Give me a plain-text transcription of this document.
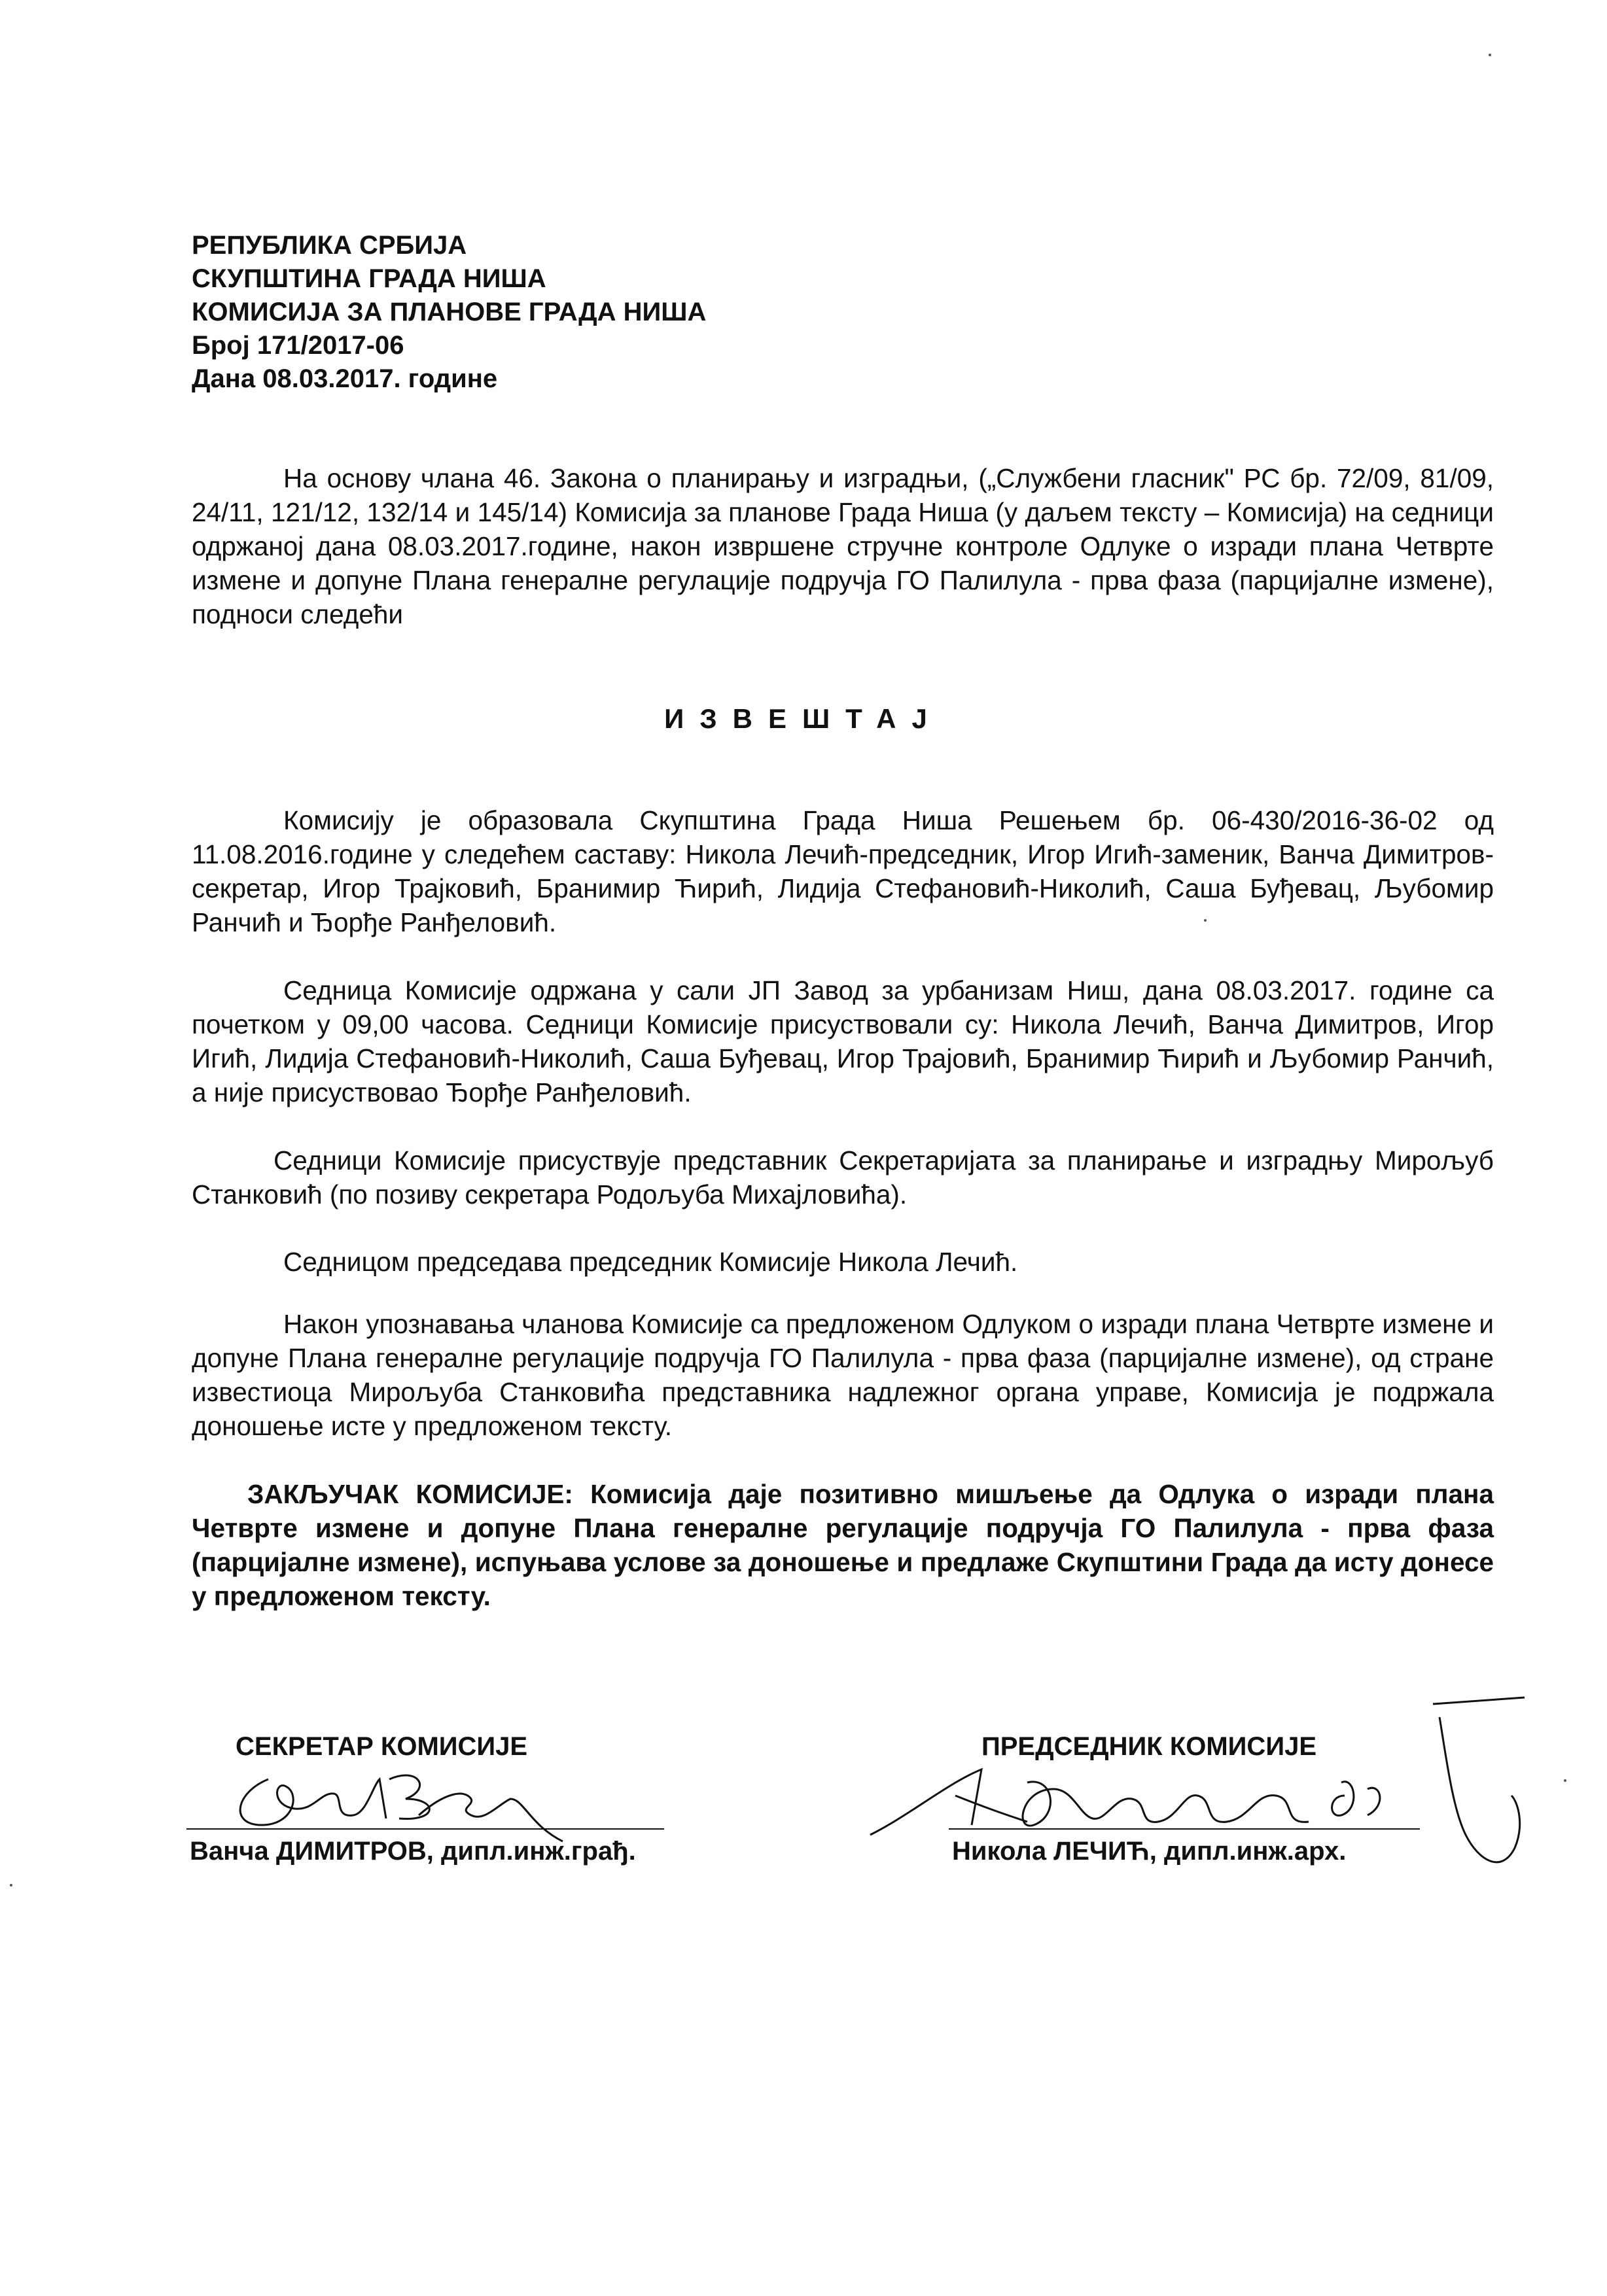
РЕПУБЛИКА СРБИЈА
СКУПШТИНА ГРАДА НИША
КОМИСИЈА ЗА ПЛАНОВЕ ГРАДА НИША
Број 171/2017-06
Дана 08.03.2017. године
На основу члана 46. Закона о планирању и изградњи, („Службени гласник" РС бр. 72/09, 81/09, 24/11, 121/12, 132/14 и 145/14) Комисија за планове Града Ниша (у даљем тексту – Комисија) на седници одржаној дана 08.03.2017.године, након извршене стручне контроле Одлуке о изради плана Четврте измене и допуне Плана генералне регулације подручја ГО Палилула - прва фаза (парцијалне измене), подноси следећи
ИЗВЕШТАЈ
Комисију је образовала Скупштина Града Ниша Решењем бр. 06-430/2016-36-02 од 11.08.2016.године у следећем саставу: Никола Лечић-председник, Игор Игић-заменик, Ванча Димитров-секретар, Игор Трајковић, Бранимир Ћирић, Лидија Стефановић-Николић, Саша Буђевац, Љубомир Ранчић и Ђорђе Ранђеловић.
Седница Комисије одржана у сали ЈП Завод за урбанизам Ниш, дана 08.03.2017. године са почетком у 09,00 часова. Седници Комисије присуствовали су: Никола Лечић, Ванча Димитров, Игор Игић, Лидија Стефановић-Николић, Саша Буђевац, Игор Трајовић, Бранимир Ћирић и Љубомир Ранчић, а није присуствовао Ђорђе Ранђеловић.
Седници Комисије присуствује представник Секретаријата за планирање и изградњу Мирољуб Станковић (по позиву секретара Родољуба Михајловића).
Седницом председава председник Комисије Никола Лечић.
Након упознавања чланова Комисије са предложеном Одлуком о изради плана Четврте измене и допуне Плана генералне регулације подручја ГО Палилула - прва фаза (парцијалне измене), од стране известиоца Мирољуба Станковића представника надлежног органа управе, Комисија је подржала доношење исте у предложеном тексту.
ЗАКЉУЧАК КОМИСИЈЕ: Комисија даје позитивно мишљење да Одлука о изради плана Четврте измене и допуне Плана генералне регулације подручја ГО Палилула - прва фаза (парцијалне измене), испуњава услове за доношење и предлаже Скупштини Града да исту донесе у предложеном тексту.
СЕКРЕТАР КОМИСИЈЕ
Ванча ДИМИТРОВ, дипл.инж.грађ.
ПРЕДСЕДНИК КОМИСИЈЕ
Никола ЛЕЧИЋ, дипл.инж.арх.
